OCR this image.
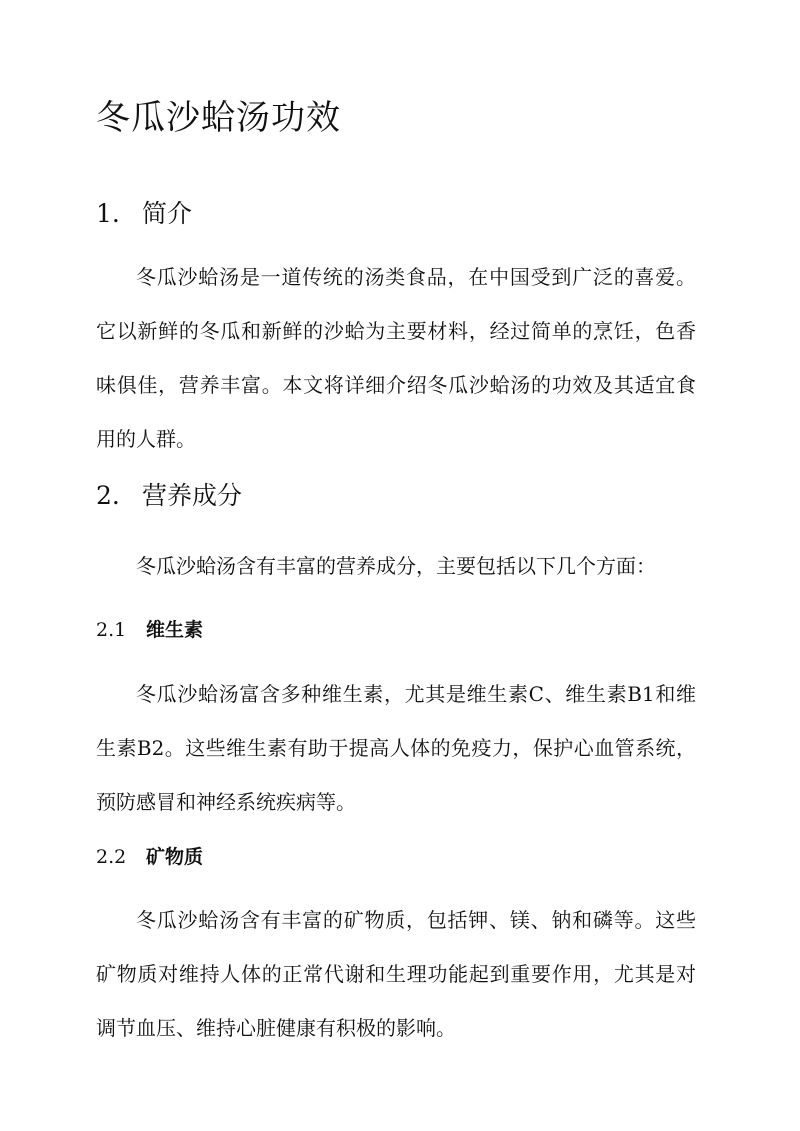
冬瓜沙蛤汤功效
1. 简介
冬瓜沙蛤汤是一道传统的汤类食品，在中国受到广泛的喜爱。
它以新鲜的冬瓜和新鲜的沙蛤为主要材料，经过简单的烹饪，色香
味俱佳，营养丰富。本文将详细介绍冬瓜沙蛤汤的功效及其适宜食
用的人群。
2. 营养成分
冬瓜沙蛤汤含有丰富的营养成分，主要包括以下几个方面：
2.1 维生素
冬瓜沙蛤汤富含多种维生素，尤其是维生素C、维生素B1和维
生素B2。这些维生素有助于提高人体的免疫力，保护心血管系统，
预防感冒和神经系统疾病等。
2.2 矿物质
冬瓜沙蛤汤含有丰富的矿物质，包括钾、镁、钠和磷等。这些
矿物质对维持人体的正常代谢和生理功能起到重要作用，尤其是对
调节血压、维持心脏健康有积极的影响。
